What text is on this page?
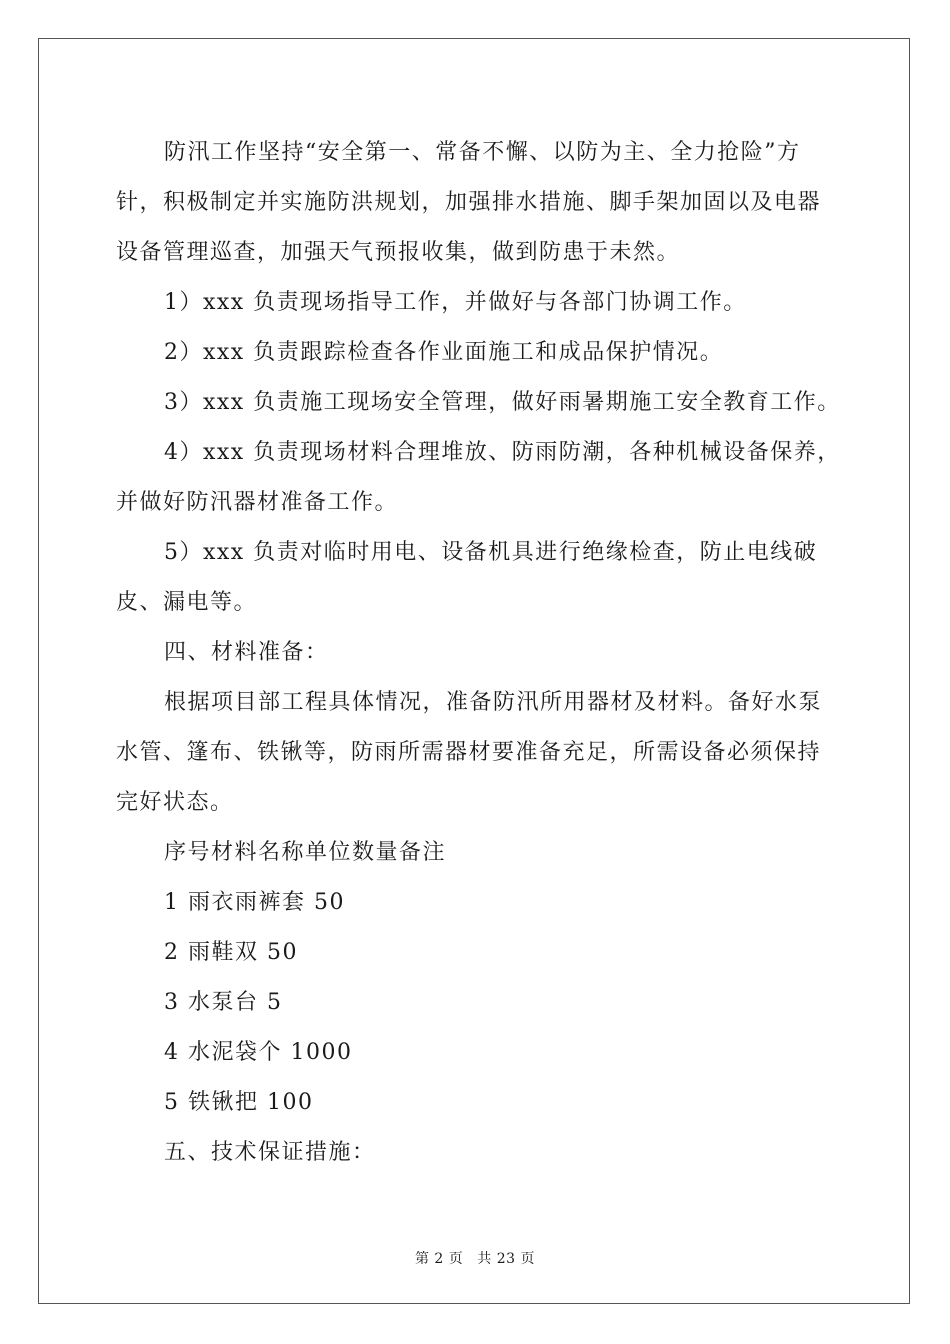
防汛工作坚持“安全第一、常备不懈、以防为主、全力抢险”方
针，积极制定并实施防洪规划，加强排水措施、脚手架加固以及电器
设备管理巡查，加强天气预报收集，做到防患于未然。
1）xxx 负责现场指导工作，并做好与各部门协调工作。
2）xxx 负责跟踪检查各作业面施工和成品保护情况。
3）xxx 负责施工现场安全管理，做好雨暑期施工安全教育工作。
4）xxx 负责现场材料合理堆放、防雨防潮，各种机械设备保养，
并做好防汛器材准备工作。
5）xxx 负责对临时用电、设备机具进行绝缘检查，防止电线破
皮、漏电等。
四、材料准备：
根据项目部工程具体情况，准备防汛所用器材及材料。备好水泵
水管、篷布、铁锹等，防雨所需器材要准备充足，所需设备必须保持
完好状态。
序号材料名称单位数量备注
1 雨衣雨裤套 50
2 雨鞋双 50
3 水泵台 5
4 水泥袋个 1000
5 铁锹把 100
五、技术保证措施：
第 2 页 共 23 页
